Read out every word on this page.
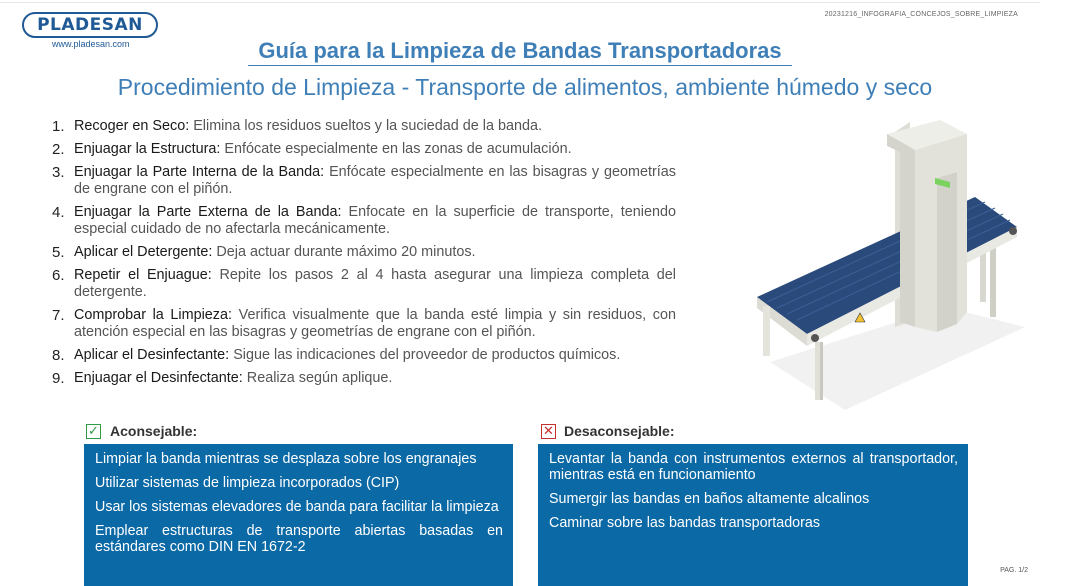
PLADESAN
www.pladesan.com
20231216_INFOGRAFIA_CONCEJOS_SOBRE_LIMPIEZA
Guía para la Limpieza de Bandas Transportadoras
Procedimiento de Limpieza - Transporte de alimentos, ambiente húmedo y seco
1. Recoger en Seco: Elimina los residuos sueltos y la suciedad de la banda.
2. Enjuagar la Estructura: Enfócate especialmente en las zonas de acumulación.
3. Enjuagar la Parte Interna de la Banda: Enfócate especialmente en las bisagras y geometrías de engrane con el piñón.
4. Enjuagar la Parte Externa de la Banda: Enfocate en la superficie de transporte, teniendo especial cuidado de no afectarla mecánicamente.
5. Aplicar el Detergente: Deja actuar durante máximo 20 minutos.
6. Repetir el Enjuague: Repite los pasos 2 al 4 hasta asegurar una limpieza completa del detergente.
7. Comprobar la Limpieza: Verifica visualmente que la banda esté limpia y sin residuos, con atención especial en las bisagras y geometrías de engrane con el piñón.
8. Aplicar el Desinfectante: Sigue las indicaciones del proveedor de productos químicos.
9. Enjuagar el Desinfectante: Realiza según aplique.
✓ Aconsejable:
Limpiar la banda mientras se desplaza sobre los engranajes
Utilizar sistemas de limpieza incorporados (CIP)
Usar los sistemas elevadores de banda para facilitar la limpieza
Emplear estructuras de transporte abiertas basadas en estándares como DIN EN 1672-2
✕ Desaconsejable:
Levantar la banda con instrumentos externos al transportador, mientras está en funcionamiento
Sumergir las bandas en baños altamente alcalinos
Caminar sobre las bandas transportadoras
PAG. 1/2
